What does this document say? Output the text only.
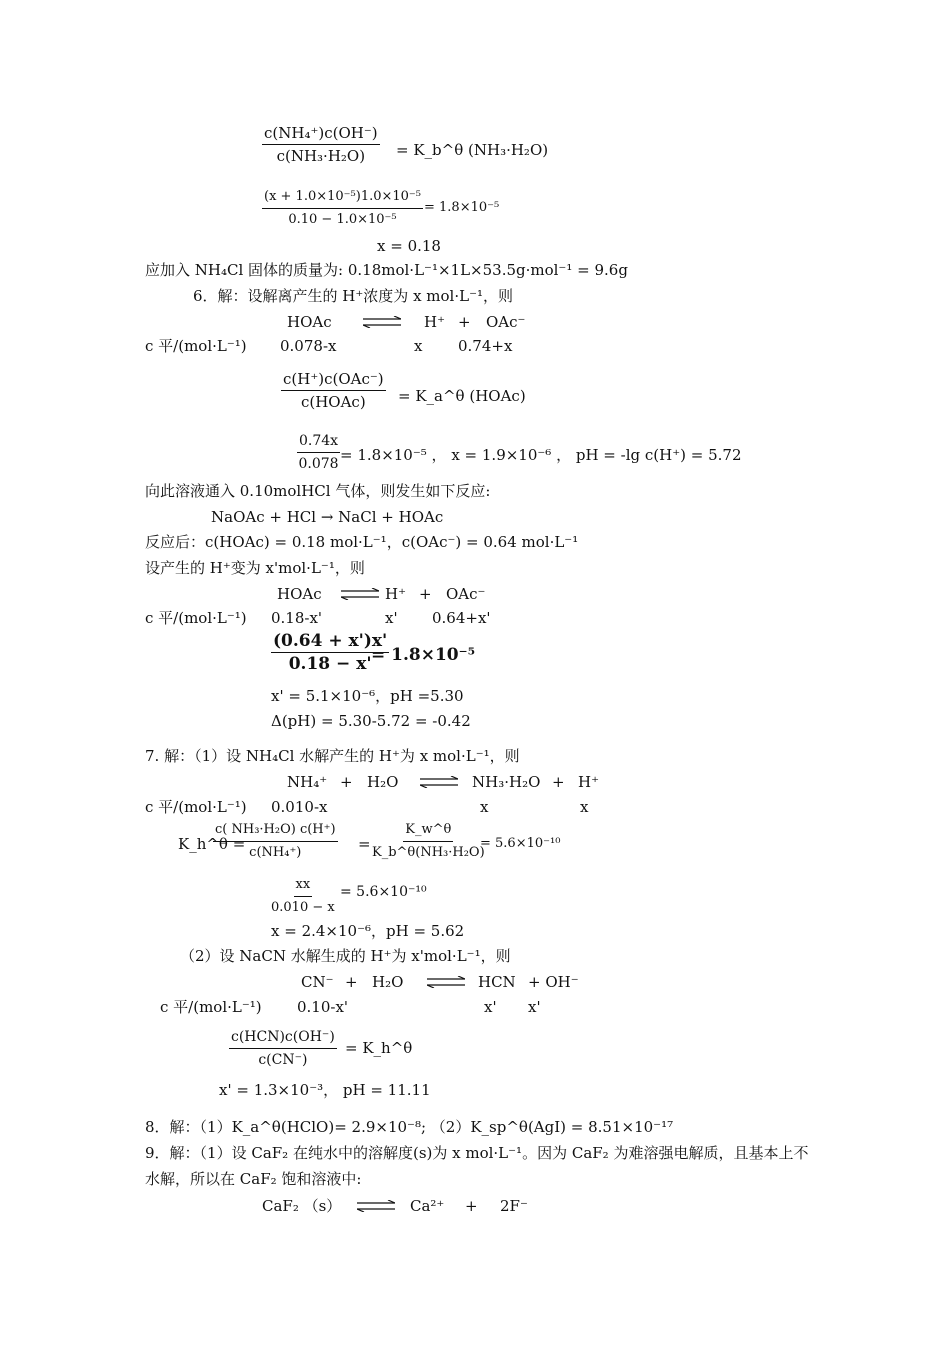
$\frac{\text{c(NH₄⁺)c(OH⁻)}}{\text{c(NH₃·H₂O)}}$ = K_b^θ (NH₃·H₂O)
$\frac{\text{(x + 1.0×10⁻⁵)1.0×10⁻⁵}}{\text{0.10 − 1.0×10⁻⁵}} = 1.8\times 10^{-5}$
x = 0.18
应加入 NH₄Cl 固体的质量为: 0.18mol·L⁻¹×1L×53.5g·mol⁻¹ = 9.6g
6．解：设解离产生的 H⁺浓度为 x mol·L⁻¹，则
HOAc	H⁺ + OAc⁻
c 平/(mol·L⁻¹) 0.078-x	x 0.74+x
c(H⁺)c(OAc⁻)
c(HOAc) = K_a^θ (HOAc)
$\frac{0.74x}{0.078} = 1.8\times 10^{-5}$ ， x = 1.9×10⁻⁶ ， pH = -lg c(H⁺) = 5.72
向此溶液通入 0.10molHCl 气体，则发生如下反应:
NaOAc + HCl → NaCl + HOAc
反应后：c(HOAc) = 0.18 mol·L⁻¹，c(OAc⁻) = 0.64 mol·L⁻¹
设产生的 H⁺变为 x'mol·L⁻¹，则
HOAc ⇌ H⁺ + OAc⁻
c 平/(mol·L⁻¹) 0.18-x'	x' 0.64+x'
$\frac{(0.64 + x')x'}{0.18 - x'}$
= 1.8×10⁻⁵
x' = 5.1×10⁻⁶，pH =5.30
Δ(pH) = 5.30-5.72 = -0.42
7. 解：（1）设 NH₄Cl 水解产生的 H⁺为 x mol·L⁻¹，则
NH₄⁺ + H₂O ⇌ NH₃·H₂O + H⁺
c 平/(mol·L⁻¹) 0.010-x	x	x
K_h^θ =
$\frac{\text{c( NH₃·H₂O) c(H⁺)}}{\text{c(NH₄⁺)}} = \frac{K\_w\^{}\theta}{\text{K\_b\textasciicircum{}θ(NH₃·H₂O)}}$
= 5.6×10⁻¹⁰
$\frac{xx}{0.010 - x} = 5.6\times 10^{-10}$
x = 2.4×10⁻⁶，pH = 5.62
（2）设 NaCN 水解生成的 H⁺为 x'mol·L⁻¹，则
CN⁻ + H₂O ⇌ HCN + OH⁻
c 平/(mol·L⁻¹) 0.10-x'	x' x'
c(HCN)c(OH⁻)
c(CN⁻)
= K_h^θ
x' = 1.3×10⁻³， pH = 11.11
8．解：（1）K_a^θ(HClO)= 2.9×10⁻⁸; （2）K_sp^θ(AgI) = 8.51×10⁻¹⁷
9．解：（1）设 CaF₂ 在纯水中的溶解度(s)为 x mol·L⁻¹。因为 CaF₂ 为难溶强电解质，且基本上不
水解，所以在 CaF₂ 饱和溶液中:
CaF₂ （s） ⇌ Ca²⁺ + 2F⁻
